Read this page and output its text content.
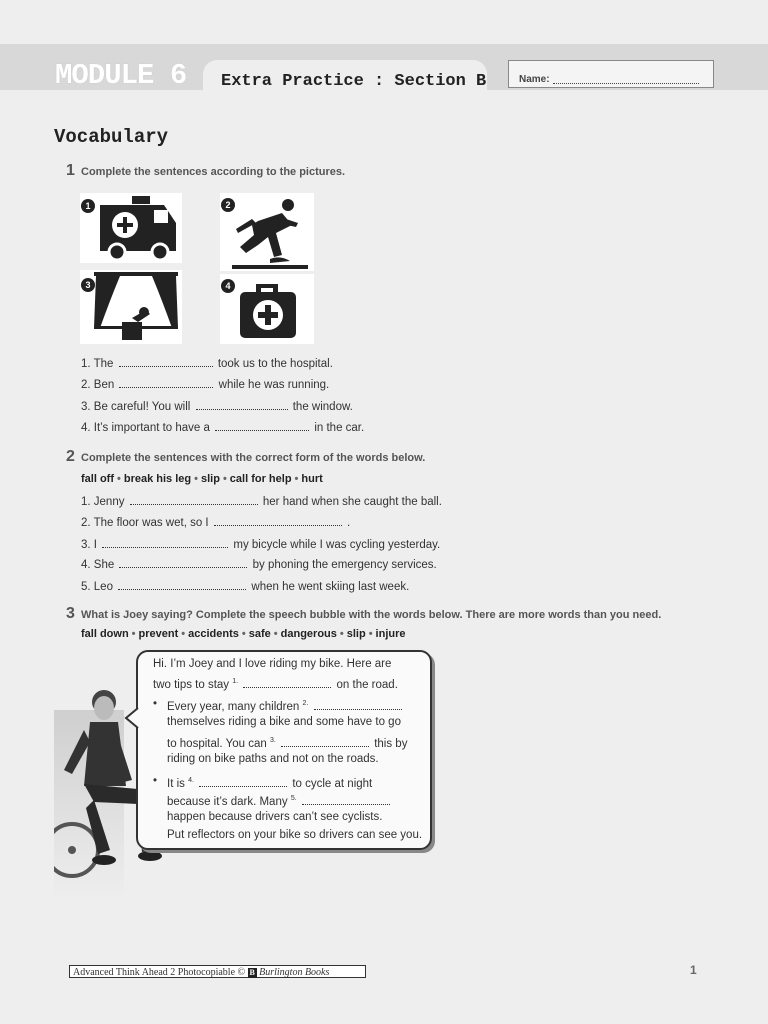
MODULE 6 Extra Practice : Section B	Name:
Vocabulary
1 Complete the sentences according to the pictures.
1	2
3	4
1. The	took us to the hospital.
2. Ben	while he was running.
3. Be careful! You will	the window.
4. It’s important to have a	in the car.
2 Complete the sentences with the correct form of the words below.
fall off • break his leg • slip • call for help • hurt
1. Jenny	her hand when she caught the ball.
2. The floor was wet, so I	.
3. I	my bicycle while I was cycling yesterday.
4. She	by phoning the emergency services.
5. Leo	when he went skiing last week.
3 What is Joey saying? Complete the speech bubble with the words below. There are more words than you need.
fall down • prevent • accidents • safe • dangerous • slip • injure
Hi. I’m Joey and I love riding my bike. Here are
two tips to stay $^{1.}$	on the road.
• Every year, many children $^{2.}$
themselves riding a bike and some have to go
to hospital. You can $^{3.}$	this by
riding on bike paths and not on the roads.
• It is $^{4.}$	to cycle at night
because it’s dark. Many $^{5.}$
happen because drivers can’t see cyclists.
Put reflectors on your bike so drivers can see you.
Advanced Think Ahead 2 Photocopiable © B Burlington Books	1
